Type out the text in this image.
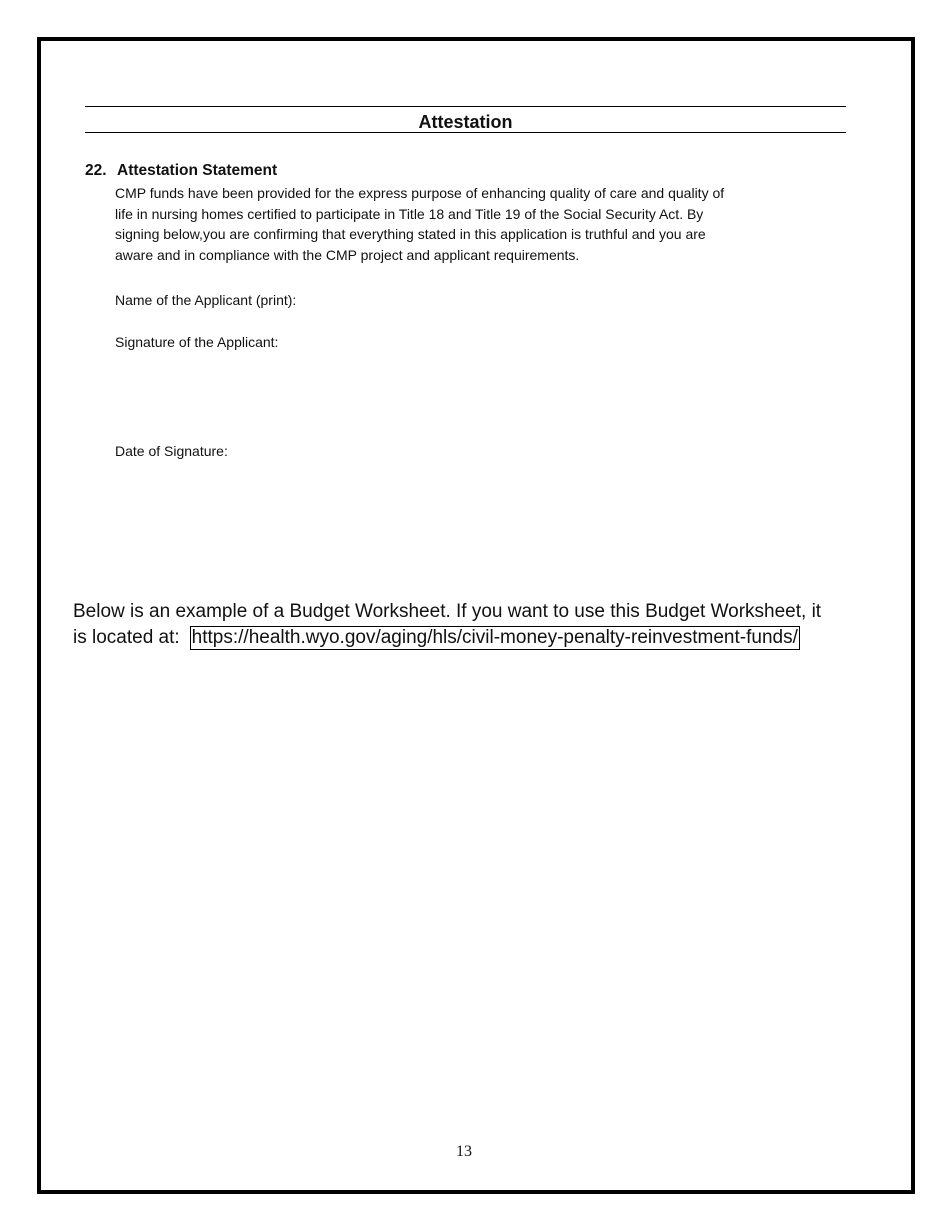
Attestation
22. Attestation Statement
CMP funds have been provided for the express purpose of enhancing quality of care and quality of
life in nursing homes certified to participate in Title 18 and Title 19 of the Social Security Act. By
signing below,you are confirming that everything stated in this application is truthful and you are
aware and in compliance with the CMP project and applicant requirements.
Name of the Applicant (print):
Signature of the Applicant:
Date of Signature:
Below is an example of a Budget Worksheet. If you want to use this Budget Worksheet, it
is located at: https://health.wyo.gov/aging/hls/civil-money-penalty-reinvestment-funds/
13
